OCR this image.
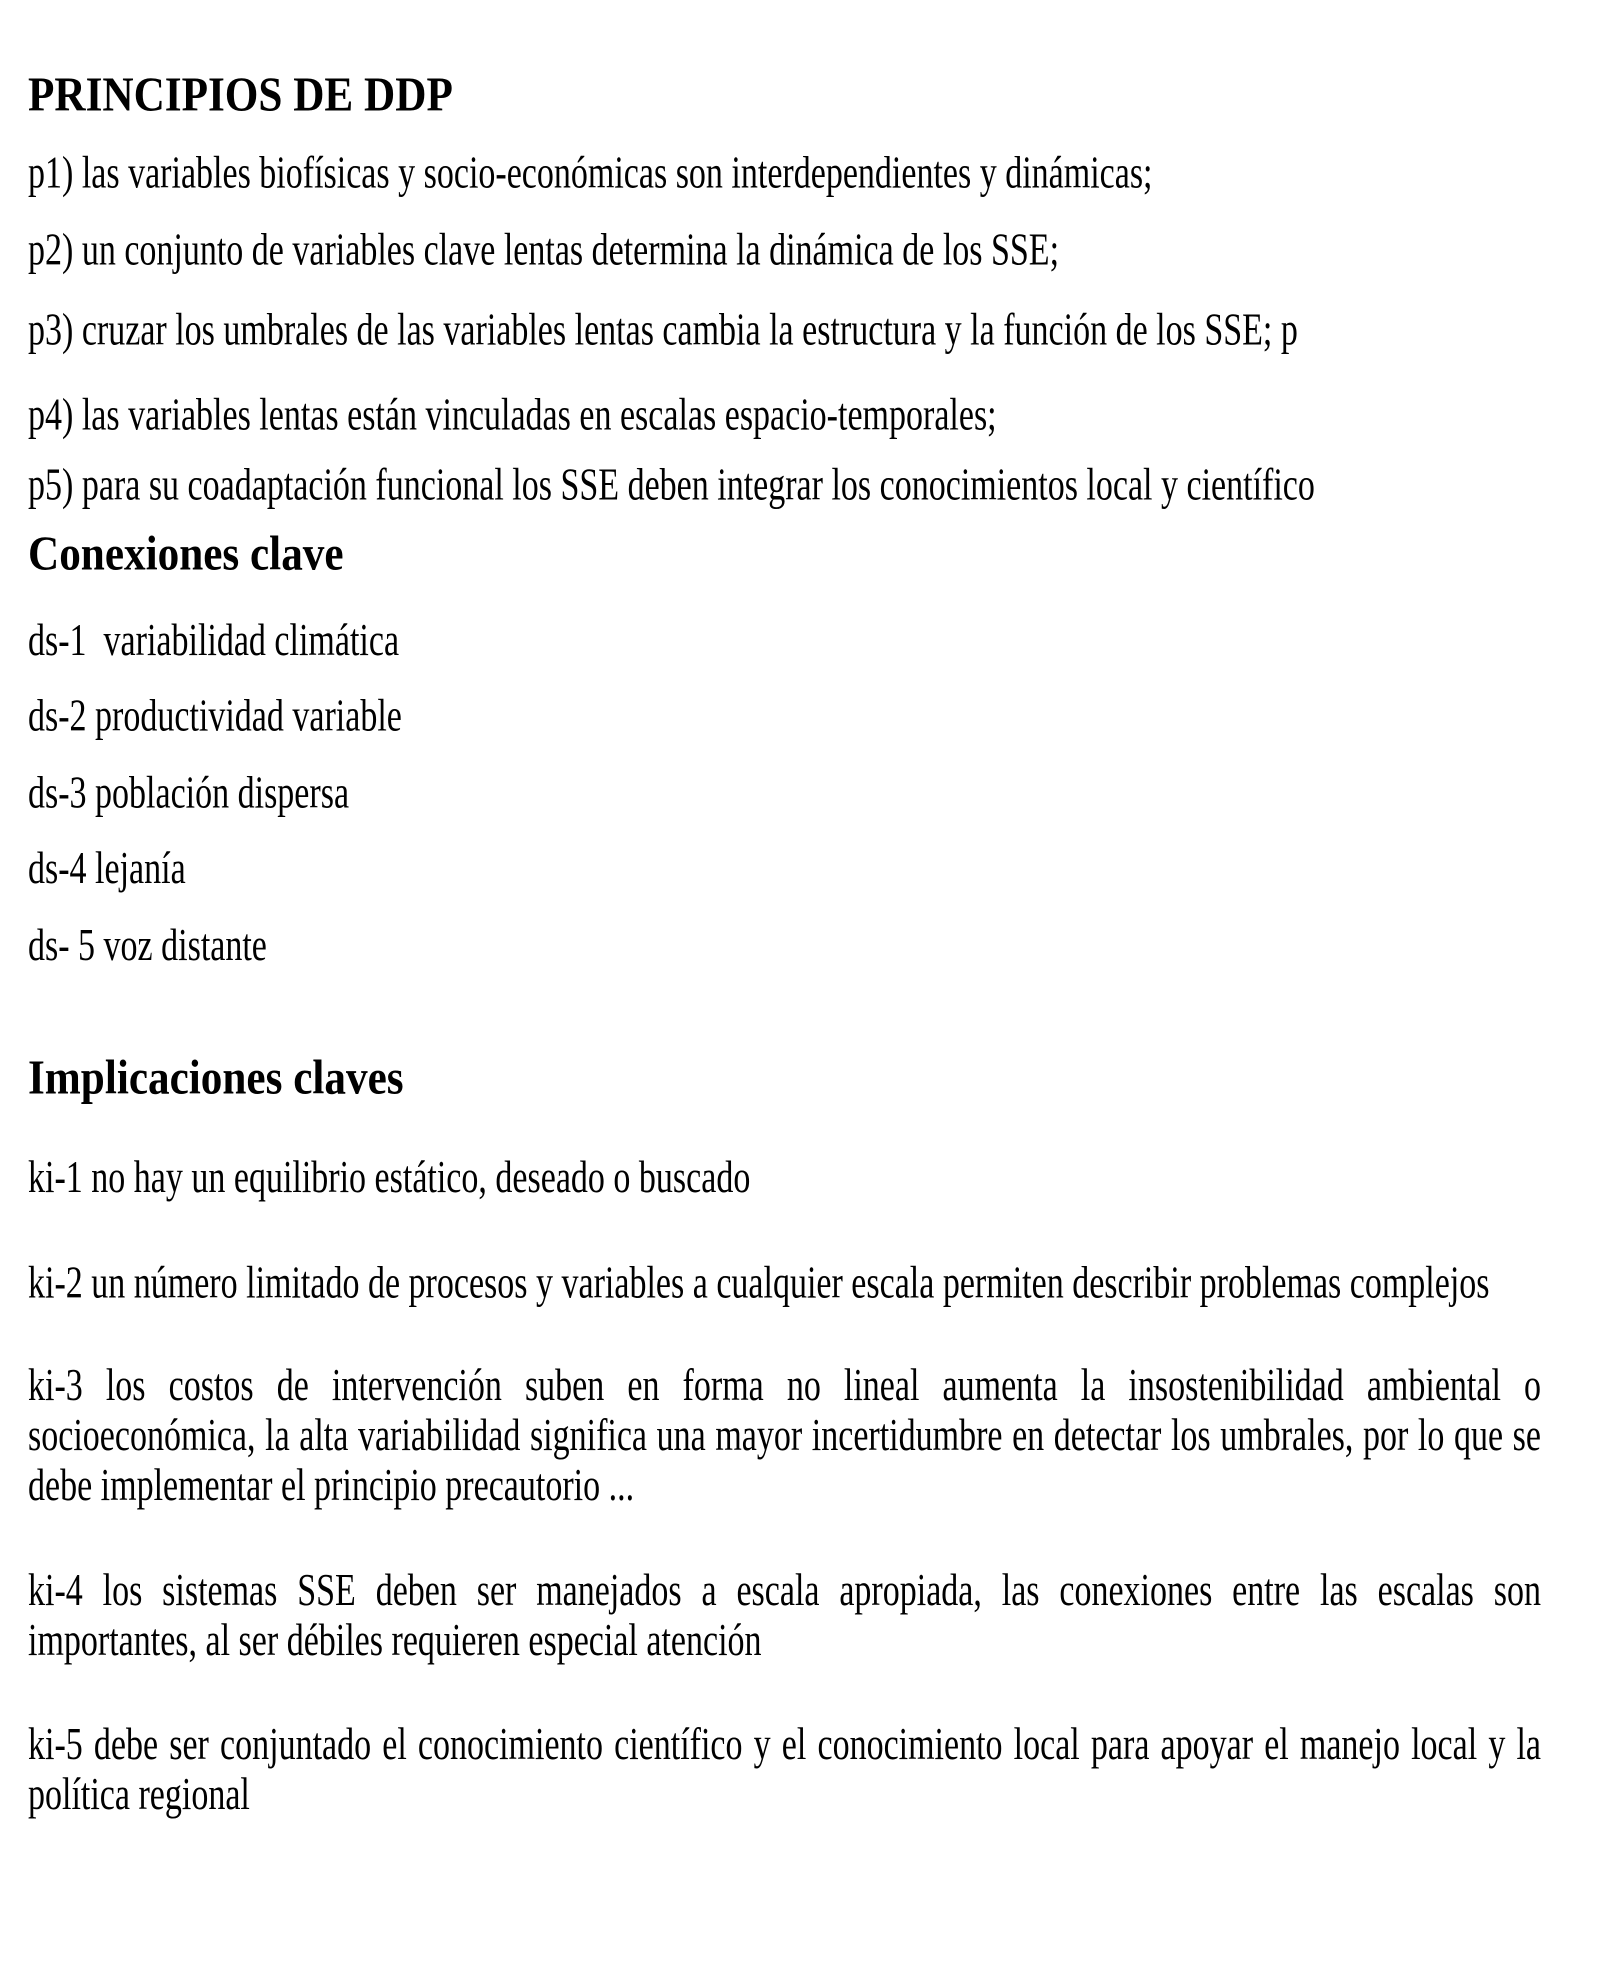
PRINCIPIOS DE DDP

p1) las variables biofísicas y socio-económicas son interdependientes y dinámicas;

p2) un conjunto de variables clave lentas determina la dinámica de los SSE;

p3) cruzar los umbrales de las variables lentas cambia la estructura y la función de los SSE; p

p4) las variables lentas están vinculadas en escalas espacio-temporales;

p5) para su coadaptación funcional los SSE deben integrar los conocimientos local y científico

Conexiones clave

ds-1  variabilidad climática

ds-2 productividad variable

ds-3 población dispersa

ds-4 lejanía

ds- 5 voz distante

Implicaciones claves

ki-1 no hay un equilibrio estático, deseado o buscado

ki-2 un número limitado de procesos y variables a cualquier escala permiten describir problemas complejos

ki-3 los costos de intervención suben en forma no lineal aumenta la insostenibilidad ambiental o socioeconómica, la alta variabilidad significa una mayor incertidumbre en detectar los umbrales, por lo que se debe implementar el principio precautorio ...

ki-4 los sistemas SSE deben ser manejados a escala apropiada, las conexiones entre las escalas son importantes, al ser débiles requieren especial atención

ki-5 debe ser conjuntado el conocimiento científico y el conocimiento local para apoyar el manejo local y la política regional
